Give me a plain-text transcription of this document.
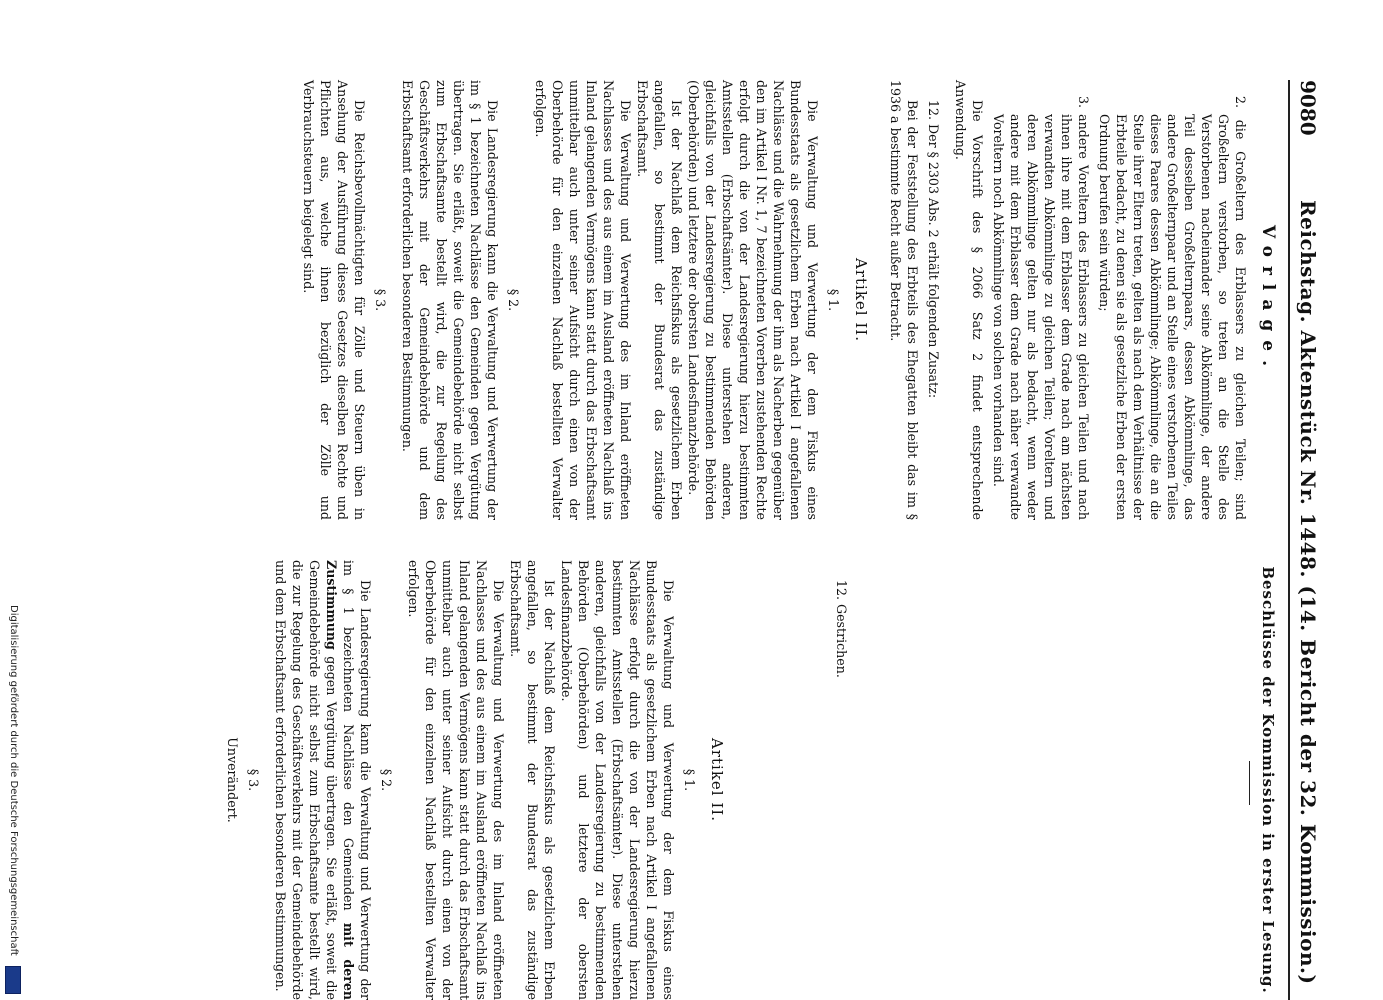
9080
Reichstag. Aktenstück Nr. 1448. (14. Bericht der 32. Kommission.)
Vorlage.

2. die Großeltern des Erblassers zu gleichen Teilen; sind Großeltern verstorben, so treten an die Stelle des Verstorbenen nacheinander seine Abkömmlinge, der andere Teil desselben Großelternpaars, dessen Abkömmlinge, das andere Großelternpaar und an Stelle eines verstorbenen Teiles dieses Paares dessen Abkömmlinge; Abkömmlinge, die an die Stelle ihrer Eltern treten, gelten als nach dem Verhältnisse der Erbteile bedacht, zu denen sie als gesetzliche Erben der ersten Ordnung berufen sein würden;

3. andere Voreltern des Erblassers zu gleichen Teilen und nach ihnen ihre mit dem Erblasser dem Grade nach am nächsten verwandten Abkömmlinge zu gleichen Teilen; Voreltern und deren Abkömmlinge gelten nur als bedacht, wenn weder andere mit dem Erblasser dem Grade nach näher verwandte Voreltern noch Abkömmlinge von solchen vorhanden sind.

Die Vorschrift des § 2066 Satz 2 findet entsprechende Anwendung.

12. Der § 2303 Abs. 2 erhält folgenden Zusatz:

Bei der Feststellung des Erbteils des Ehegatten bleibt das im § 1936 a bestimmte Recht außer Betracht.

Artikel II.
§ 1.

Die Verwaltung und Verwertung der dem Fiskus eines Bundesstaats als gesetzlichem Erben nach Artikel I angefallenen Nachlässe und die Wahrnehmung der ihm als Nacherben gegenüber den im Artikel I Nr. 1, 7 bezeichneten Vorerben zustehenden Rechte erfolgt durch die von der Landesregierung hierzu bestimmten Amtsstellen (Erbschaftsämter). Diese unterstehen anderen, gleichfalls von der Landesregierung zu bestimmenden Behörden (Oberbehörden) und letztere der obersten Landesfinanzbehörde.

Ist der Nachlaß dem Reichsfiskus als gesetzlichem Erben angefallen, so bestimmt der Bundesrat das zuständige Erbschaftsamt.

Die Verwaltung und Verwertung des im Inland eröffneten Nachlasses und des aus einem im Ausland eröffneten Nachlaß ins Inland gelangenden Vermögens kann statt durch das Erbschaftsamt unmittelbar auch unter seiner Aufsicht durch einen von der Oberbehörde für den einzelnen Nachlaß bestellten Verwalter erfolgen.

§ 2.

Die Landesregierung kann die Verwaltung und Verwertung der im § 1 bezeichneten Nachlässe den Gemeinden gegen Vergütung übertragen. Sie erläßt, soweit die Gemeindebehörde nicht selbst zum Erbschaftsamte bestellt wird, die zur Regelung des Geschäftsverkehrs mit der Gemeindebehörde und dem Erbschaftsamt erforderlichen besonderen Bestimmungen.

§ 3.

Die Reichsbevollmächtigten für Zölle und Steuern üben in Ansehung der Ausführung dieses Gesetzes dieselben Rechte und Pflichten aus, welche ihnen bezüglich der Zölle und Verbrauchsteuern beigelegt sind.

Beschlüsse der Kommission in erster Lesung.

12. Gestrichen.

Artikel II.
§ 1.

Die Verwaltung und Verwertung der dem Fiskus eines Bundesstaats als gesetzlichem Erben nach Artikel I angefallenen Nachlässe erfolgt durch die von der Landesregierung hierzu bestimmten Amtsstellen (Erbschaftsämter). Diese unterstehen anderen, gleichfalls von der Landesregierung zu bestimmenden Behörden (Oberbehörden) und letztere der obersten Landesfinanzbehörde.

Ist der Nachlaß dem Reichsfiskus als gesetzlichem Erben angefallen, so bestimmt der Bundesrat das zuständige Erbschaftsamt.

Die Verwaltung und Verwertung des im Inland eröffneten Nachlasses und des aus einem im Ausland eröffneten Nachlaß ins Inland gelangenden Vermögens kann statt durch das Erbschaftsamt unmittelbar auch unter seiner Aufsicht durch einen von der Oberbehörde für den einzelnen Nachlaß bestellten Verwalter erfolgen.

§ 2.

Die Landesregierung kann die Verwaltung und Verwertung der im § 1 bezeichneten Nachlässe den Gemeinden mit deren Zustimmung gegen Vergütung übertragen. Sie erläßt, soweit die Gemeindebehörde nicht selbst zum Erbschaftsamte bestellt wird, die zur Regelung des Geschäftsverkehrs mit der Gemeindebehörde und dem Erbschaftsamt erforderlichen besonderen Bestimmungen.

§ 3.

Unverändert.

Digitalisierung gefördert durch die Deutsche Forschungsgemeinschaft
